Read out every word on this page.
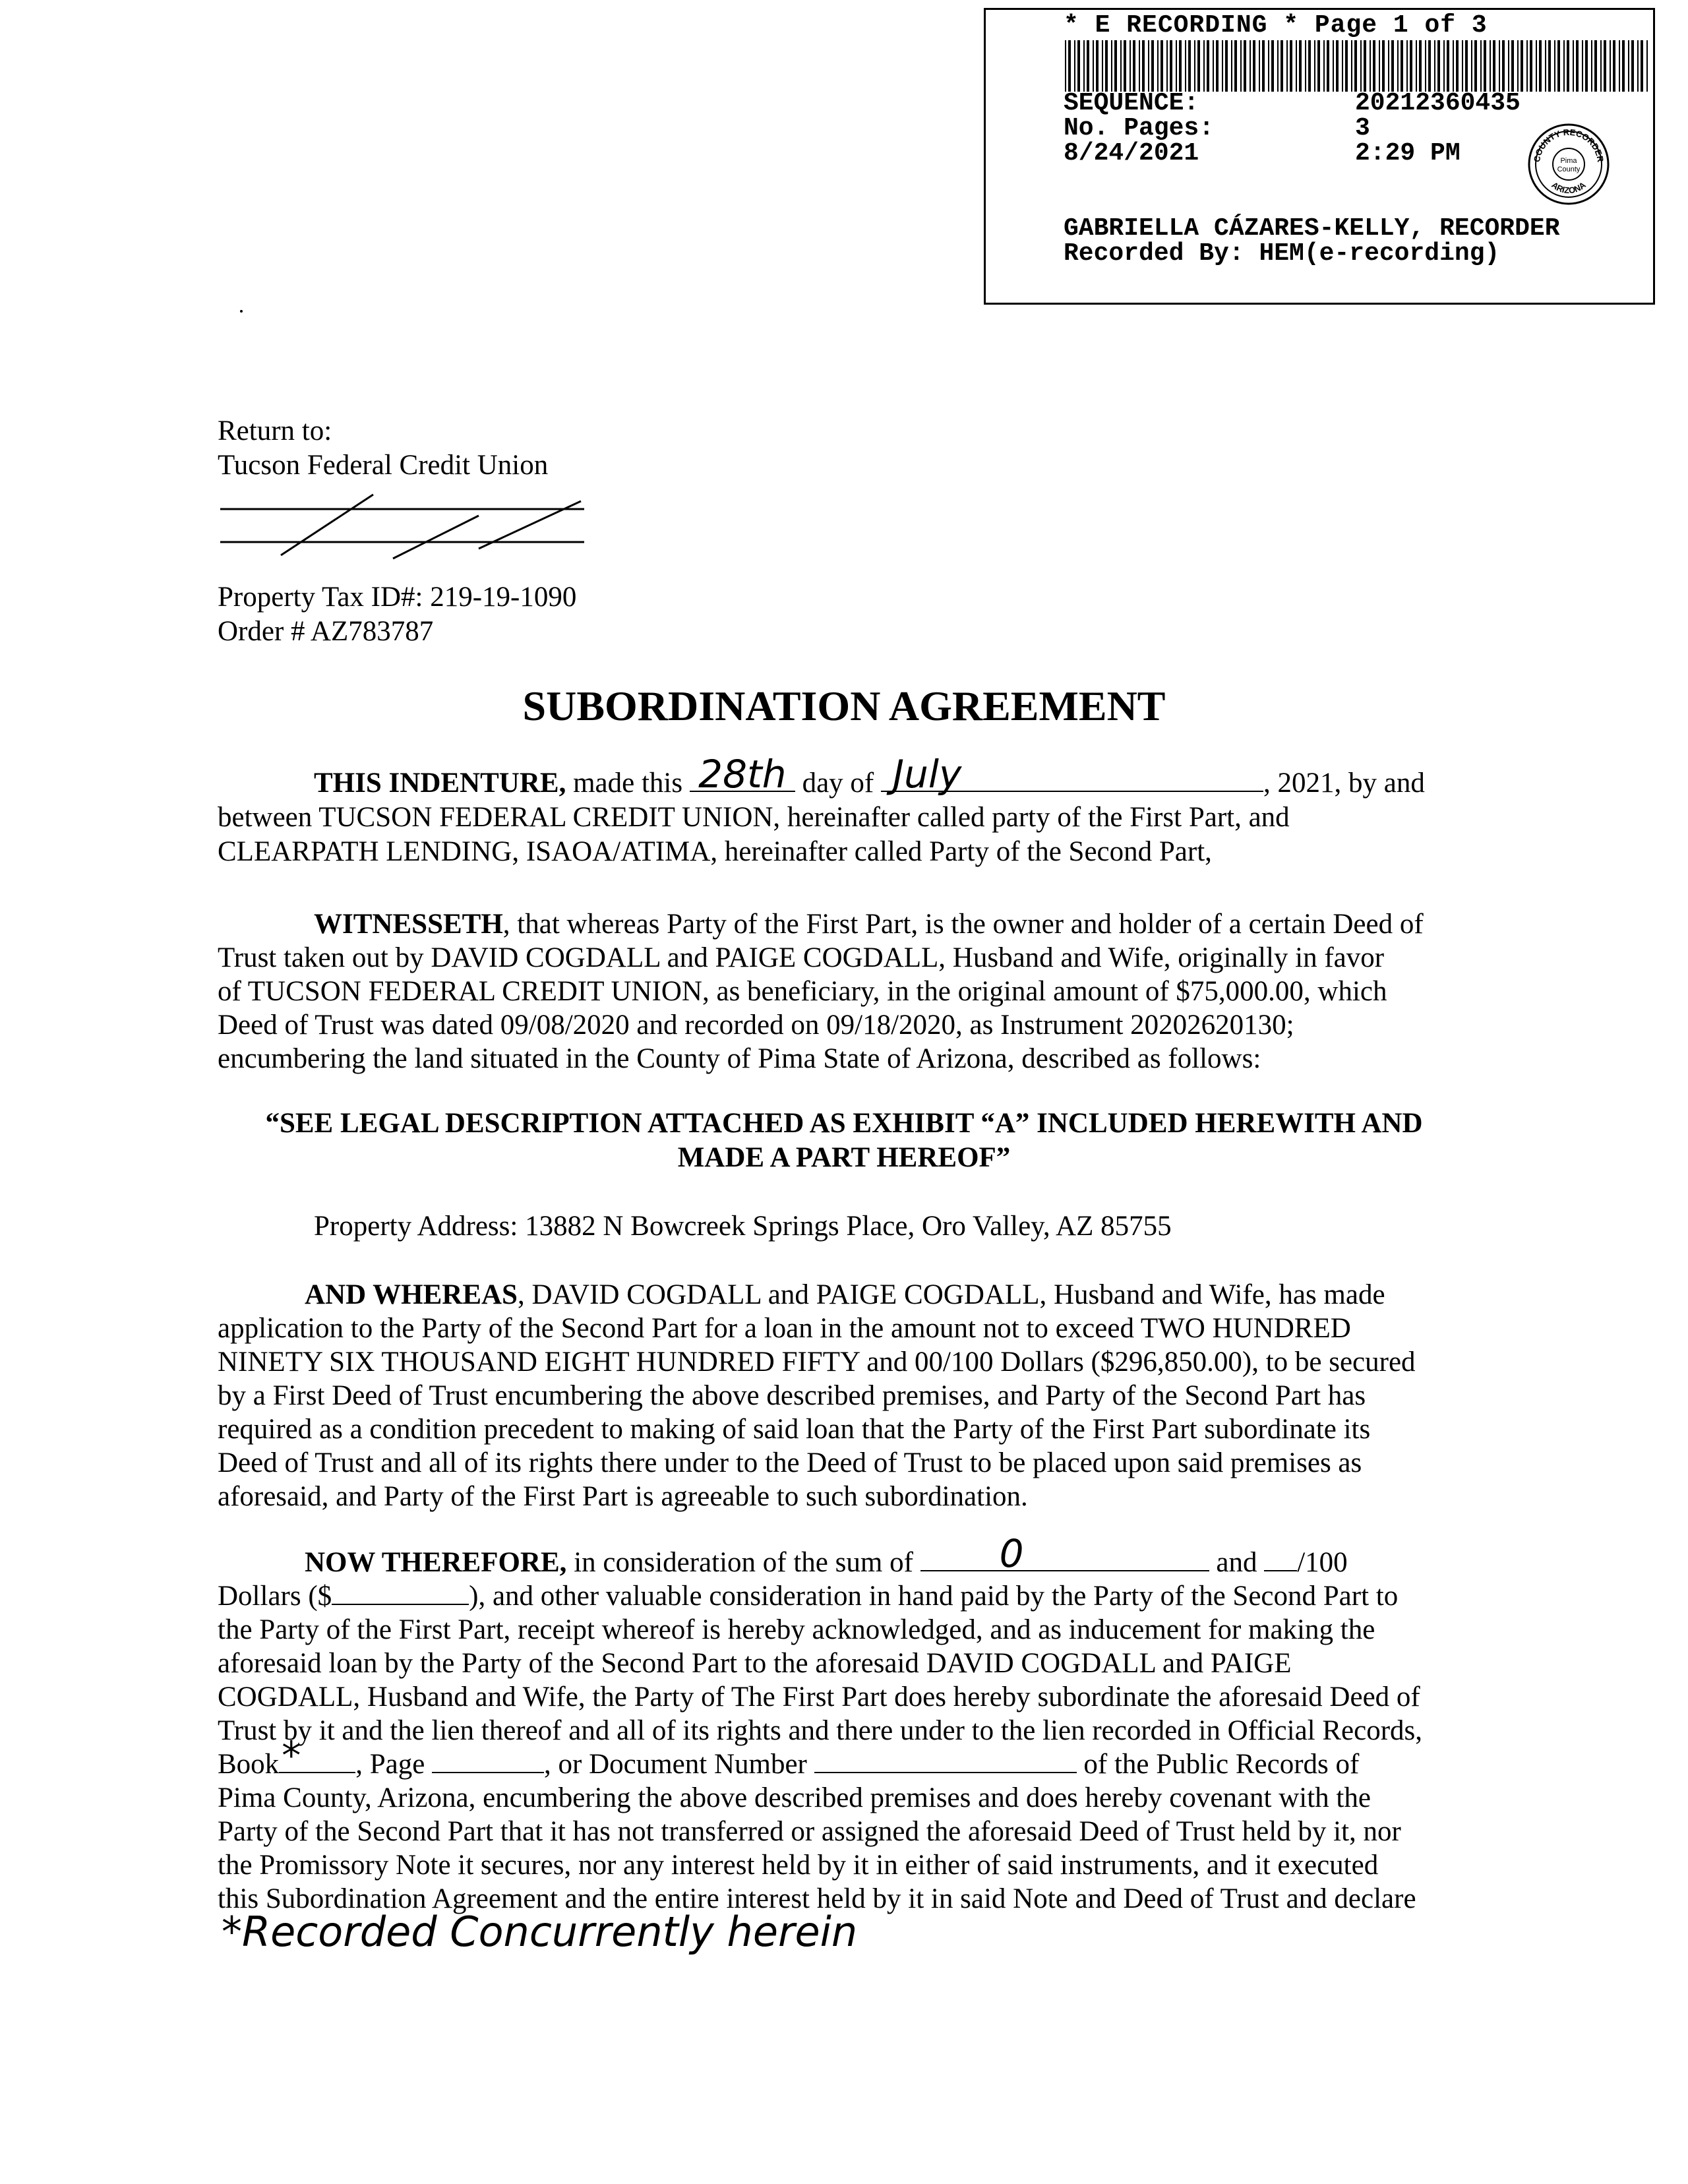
* E RECORDING * Page 1 of 3
SEQUENCE:	20212360435
No. Pages:	3
8/24/2021	2:29 PM	COUNTY RECORDER
ARIZONA
Pima
County
GABRIELLA CÁZARES-KELLY, RECORDER
Recorded By: HEM(e-recording)
Return to:
Tucson Federal Credit Union
Property Tax ID#: 219-19-1090
Order # AZ783787
SUBORDINATION AGREEMENT
THIS INDENTURE, made this 28th day of July	, 2021, by and
between TUCSON FEDERAL CREDIT UNION, hereinafter called party of the First Part, and
CLEARPATH LENDING, ISAOA/ATIMA, hereinafter called Party of the Second Part,
WITNESSETH, that whereas Party of the First Part, is the owner and holder of a certain Deed of
Trust taken out by DAVID COGDALL and PAIGE COGDALL, Husband and Wife, originally in favor
of TUCSON FEDERAL CREDIT UNION, as beneficiary, in the original amount of $75,000.00, which
Deed of Trust was dated 09/08/2020 and recorded on 09/18/2020, as Instrument 20202620130;
encumbering the land situated in the County of Pima State of Arizona, described as follows:
“SEE LEGAL DESCRIPTION ATTACHED AS EXHIBIT “A” INCLUDED HEREWITH AND
MADE A PART HEREOF”
Property Address: 13882 N Bowcreek Springs Place, Oro Valley, AZ 85755
AND WHEREAS, DAVID COGDALL and PAIGE COGDALL, Husband and Wife, has made
application to the Party of the Second Part for a loan in the amount not to exceed TWO HUNDRED
NINETY SIX THOUSAND EIGHT HUNDRED FIFTY and 00/100 Dollars ($296,850.00), to be secured
by a First Deed of Trust encumbering the above described premises, and Party of the Second Part has
required as a condition precedent to making of said loan that the Party of the First Part subordinate its
Deed of Trust and all of its rights there under to the Deed of Trust to be placed upon said premises as
aforesaid, and Party of the First Part is agreeable to such subordination.
NOW THEREFORE, in consideration of the sum of	0	and /100
Dollars ($	), and other valuable consideration in hand paid by the Party of the Second Part to
the Party of the First Part, receipt whereof is hereby acknowledged, and as inducement for making the
aforesaid loan by the Party of the Second Part to the aforesaid DAVID COGDALL and PAIGE
COGDALL, Husband and Wife, the Party of The First Part does hereby subordinate the aforesaid Deed of
Trust by it and the lien thereof and all of its rights and there under to the lien recorded in Official Records,
Book *	, Page	, or Document Number	of the Public Records of
Pima County, Arizona, encumbering the above described premises and does hereby covenant with the
Party of the Second Part that it has not transferred or assigned the aforesaid Deed of Trust held by it, nor
the Promissory Note it secures, nor any interest held by it in either of said instruments, and it executed
this Subordination Agreement and the entire interest held by it in said Note and Deed of Trust and declare
*Recorded Concurrently herein
